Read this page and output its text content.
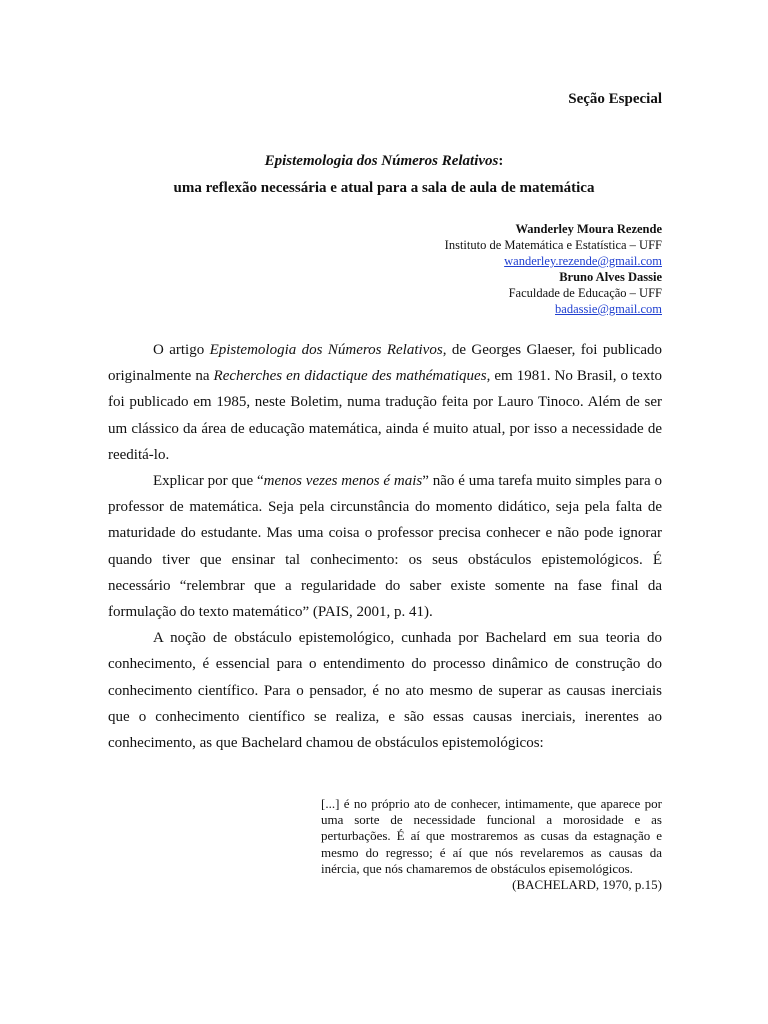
Seção Especial
Epistemologia dos Números Relativos:
uma reflexão necessária e atual para a sala de aula de matemática
Wanderley Moura Rezende
Instituto de Matemática e Estatística – UFF
wanderley.rezende@gmail.com
Bruno Alves Dassie
Faculdade de Educação – UFF
badassie@gmail.com

O artigo Epistemologia dos Números Relativos, de Georges Glaeser, foi publicado originalmente na Recherches en didactique des mathématiques, em 1981. No Brasil, o texto foi publicado em 1985, neste Boletim, numa tradução feita por Lauro Tinoco. Além de ser um clássico da área de educação matemática, ainda é muito atual, por isso a necessidade de reeditá-lo.

Explicar por que “menos vezes menos é mais” não é uma tarefa muito simples para o professor de matemática. Seja pela circunstância do momento didático, seja pela falta de maturidade do estudante. Mas uma coisa o professor precisa conhecer e não pode ignorar quando tiver que ensinar tal conhecimento: os seus obstáculos epistemológicos. É necessário “relembrar que a regularidade do saber existe somente na fase final da formulação do texto matemático” (PAIS, 2001, p. 41).

A noção de obstáculo epistemológico, cunhada por Bachelard em sua teoria do conhecimento, é essencial para o entendimento do processo dinâmico de construção do conhecimento científico. Para o pensador, é no ato mesmo de superar as causas inerciais que o conhecimento científico se realiza, e são essas causas inerciais, inerentes ao conhecimento, as que Bachelard chamou de obstáculos epistemológicos:

[...] é no próprio ato de conhecer, intimamente, que aparece por uma sorte de necessidade funcional a morosidade e as perturbações. É aí que mostraremos as cusas da estagnação e mesmo do regresso; é aí que nós revelaremos as causas da inércia, que nós chamaremos de obstáculos episemológicos.
(BACHELARD, 1970, p.15)
